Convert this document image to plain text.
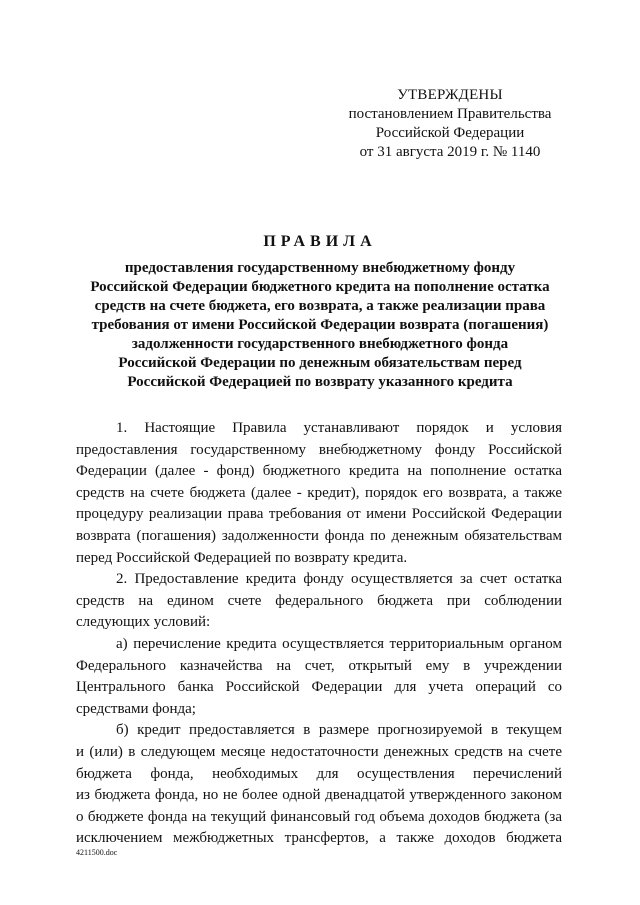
УТВЕРЖДЕНЫ
постановлением Правительства
Российской Федерации
от 31 августа 2019 г. № 1140
ПРАВИЛА
предоставления государственному внебюджетному фонду
Российской Федерации бюджетного кредита на пополнение остатка
средств на счете бюджета, его возврата, а также реализации права
требования от имени Российской Федерации возврата (погашения)
задолженности государственного внебюджетного фонда
Российской Федерации по денежным обязательствам перед
Российской Федерацией по возврату указанного кредита
1. Настоящие Правила устанавливают порядок и условия
предоставления государственному внебюджетному фонду Российской
Федерации (далее - фонд) бюджетного кредита на пополнение остатка
средств на счете бюджета (далее - кредит), порядок его возврата, а также
процедуру реализации права требования от имени Российской Федерации
возврата (погашения) задолженности фонда по денежным обязательствам
перед Российской Федерацией по возврату кредита.
2. Предоставление кредита фонду осуществляется за счет остатка
средств на едином счете федерального бюджета при соблюдении
следующих условий:
а) перечисление кредита осуществляется территориальным органом
Федерального казначейства на счет, открытый ему в учреждении
Центрального банка Российской Федерации для учета операций со
средствами фонда;
б) кредит предоставляется в размере прогнозируемой в текущем
и (или) в следующем месяце недостаточности денежных средств на счете
бюджета фонда, необходимых для осуществления перечислений
из бюджета фонда, но не более одной двенадцатой утвержденного законом
о бюджете фонда на текущий финансовый год объема доходов бюджета (за
исключением межбюджетных трансфертов, а также доходов бюджета
4211500.doc
